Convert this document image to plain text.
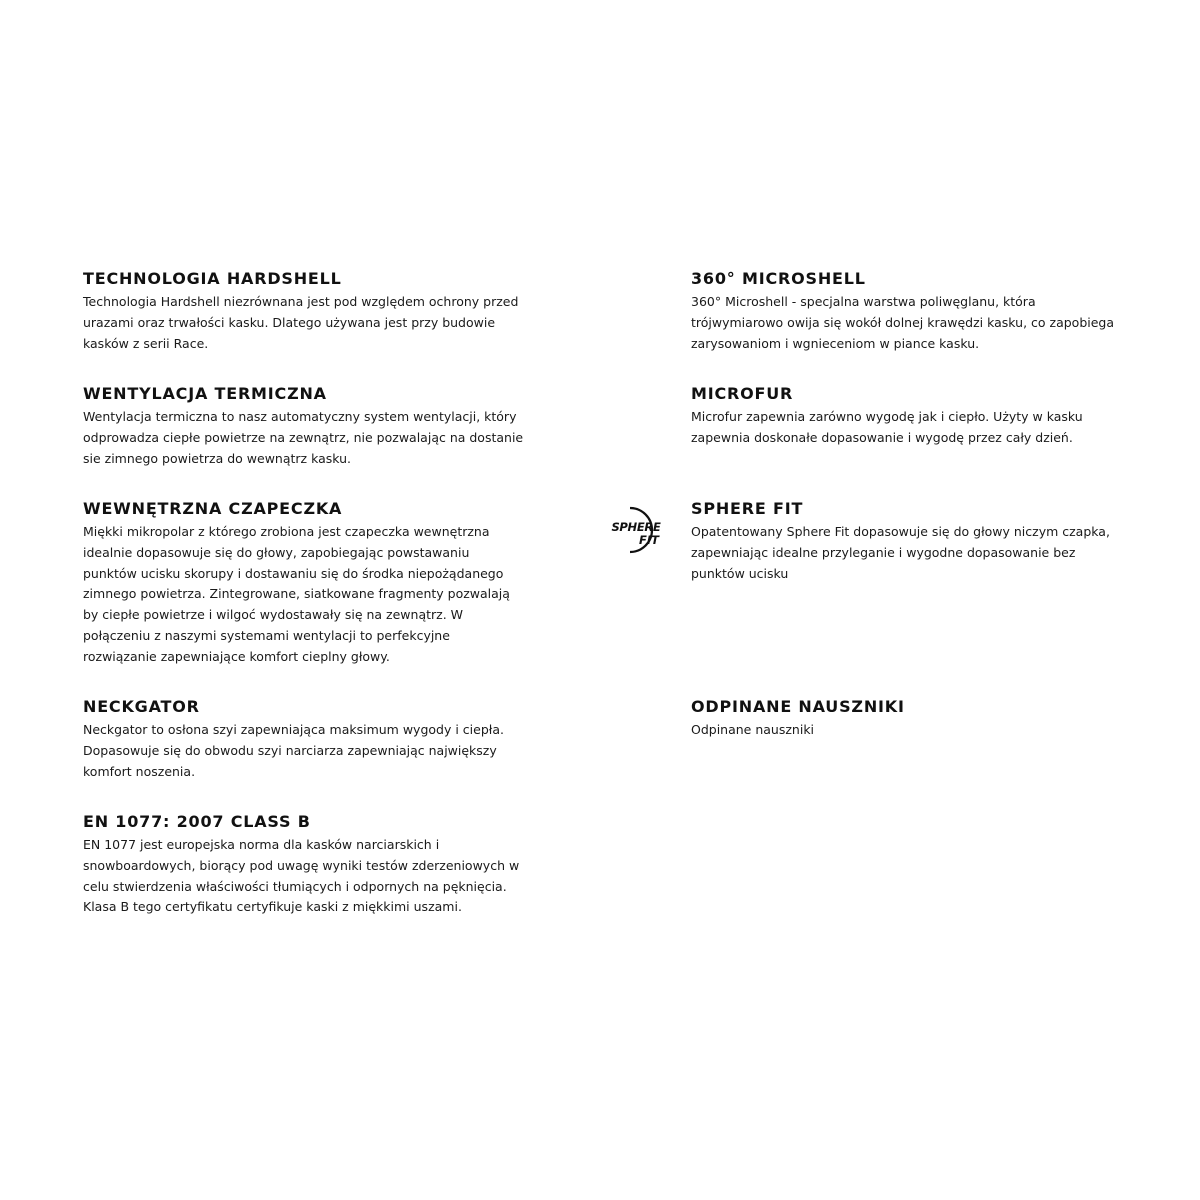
TECHNOLOGIA HARDSHELL

Technologia Hardshell niezrównana jest pod względem ochrony przed
urazami oraz trwałości kasku. Dlatego używana jest przy budowie
kasków z serii Race.

WENTYLACJA TERMICZNA

Wentylacja termiczna to nasz automatyczny system wentylacji, który
odprowadza ciepłe powietrze na zewnątrz, nie pozwalając na dostanie
sie zimnego powietrza do wewnątrz kasku.

WEWNĘTRZNA CZAPECZKA

Miękki mikropolar z którego zrobiona jest czapeczka wewnętrzna
idealnie dopasowuje się do głowy, zapobiegając powstawaniu
punktów ucisku skorupy i dostawaniu się do środka niepożądanego
zimnego powietrza. Zintegrowane, siatkowane fragmenty pozwalają
by ciepłe powietrze i wilgoć wydostawały się na zewnątrz. W
połączeniu z naszymi systemami wentylacji to perfekcyjne
rozwiązanie zapewniające komfort cieplny głowy.

NECKGATOR

Neckgator to osłona szyi zapewniająca maksimum wygody i ciepła.
Dopasowuje się do obwodu szyi narciarza zapewniając największy
komfort noszenia.

EN 1077: 2007 CLASS B

EN 1077 jest europejska norma dla kasków narciarskich i
snowboardowych, biorący pod uwagę wyniki testów zderzeniowych w
celu stwierdzenia właściwości tłumiących i odpornych na pęknięcia.
Klasa B tego certyfikatu certyfikuje kaski z miękkimi uszami.

360° MICROSHELL

360° Microshell - specjalna warstwa poliwęglanu, która
trójwymiarowo owija się wokół dolnej krawędzi kasku, co zapobiega
zarysowaniom i wgnieceniom w piance kasku.

MICROFUR

Microfur zapewnia zarówno wygodę jak i ciepło. Użyty w kasku
zapewnia doskonałe dopasowanie i wygodę przez cały dzień.

SPHERE FIT

Opatentowany Sphere Fit dopasowuje się do głowy niczym czapka,
zapewniając idealne przyleganie i wygodne dopasowanie bez
punktów ucisku

ODPINANE NAUSZNIKI

Odpinane nauszniki

SPHERE
FIT
